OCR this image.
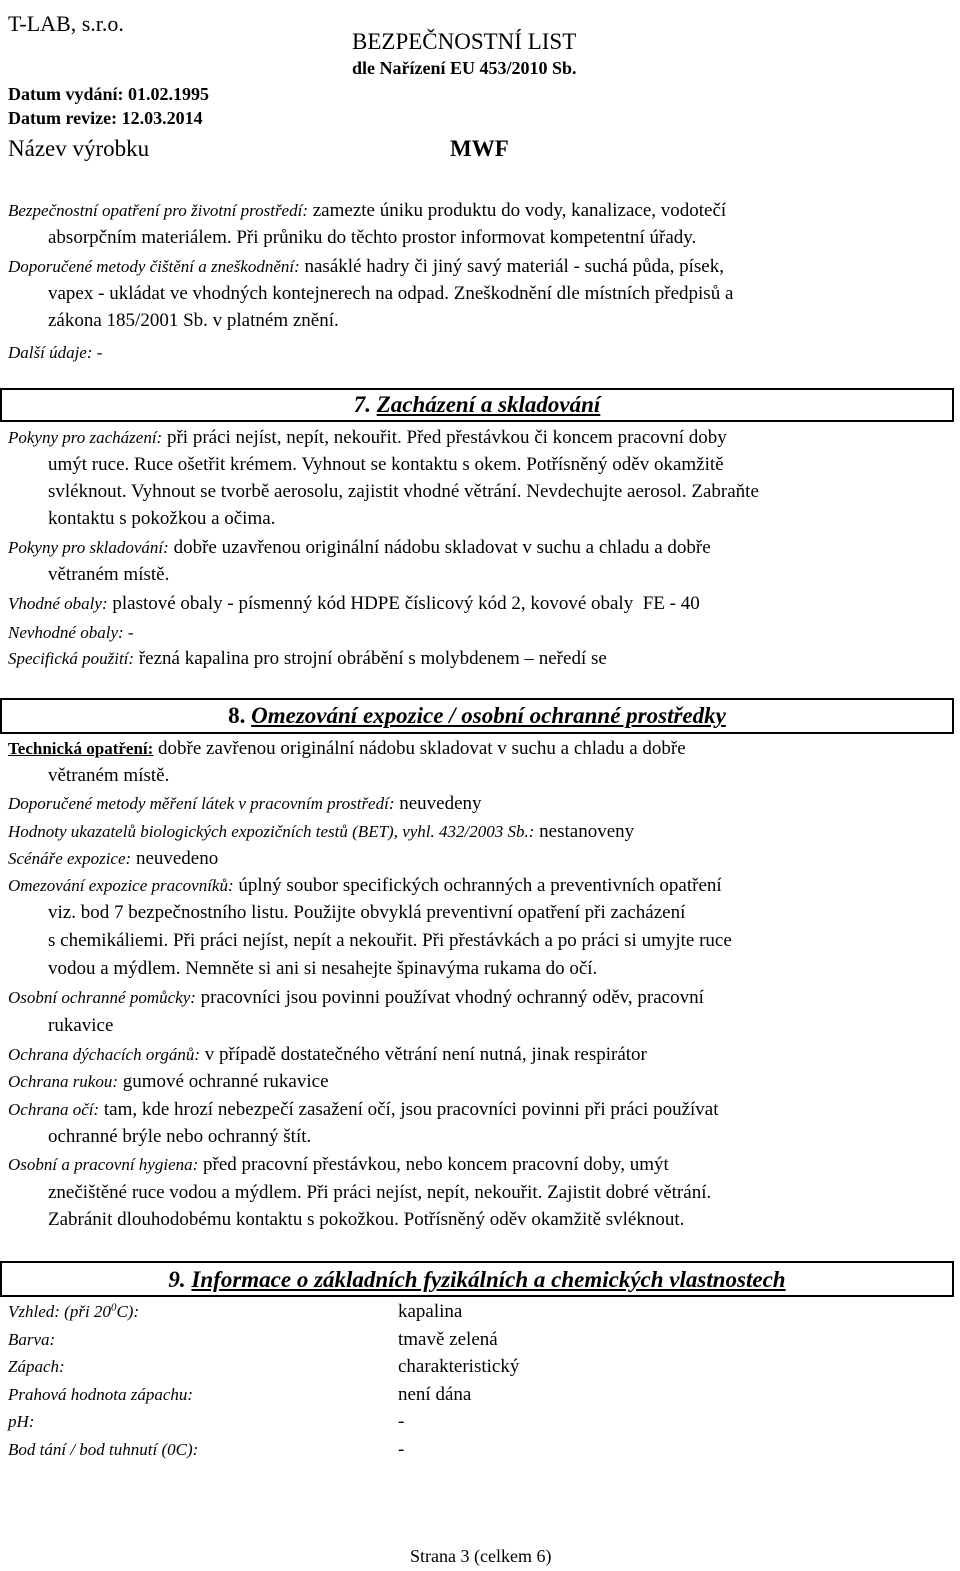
T-LAB, s.r.o.
BEZPEČNOSTNÍ LIST
dle Nařízení EU 453/2010 Sb.
Datum vydání: 01.02.1995
Datum revize: 12.03.2014
Název výrobku	MWF
Bezpečnostní opatření pro životní prostředí: zamezte úniku produktu do vody, kanalizace, vodotečí
absorpčním materiálem. Při průniku do těchto prostor informovat kompetentní úřady.
Doporučené metody čištění a zneškodnění: nasáklé hadry či jiný savý materiál - suchá půda, písek,
vapex - ukládat ve vhodných kontejnerech na odpad. Zneškodnění dle místních předpisů a
zákona 185/2001 Sb. v platném znění.
Další údaje: -
7. Zacházení a skladování
Pokyny pro zacházení: při práci nejíst, nepít, nekouřit. Před přestávkou či koncem pracovní doby
umýt ruce. Ruce ošetřit krémem. Vyhnout se kontaktu s okem. Potřísněný oděv okamžitě
svléknout. Vyhnout se tvorbě aerosolu, zajistit vhodné větrání. Nevdechujte aerosol. Zabraňte
kontaktu s pokožkou a očima.
Pokyny pro skladování: dobře uzavřenou originální nádobu skladovat v suchu a chladu a dobře
větraném místě.
Vhodné obaly: plastové obaly - písmenný kód HDPE číslicový kód 2, kovové obaly  FE - 40
Nevhodné obaly: -
Specifická použití: řezná kapalina pro strojní obrábění s molybdenem – neředí se
8. Omezování expozice / osobní ochranné prostředky
Technická opatření: dobře zavřenou originální nádobu skladovat v suchu a chladu a dobře
větraném místě.
Doporučené metody měření látek v pracovním prostředí: neuvedeny
Hodnoty ukazatelů biologických expozičních testů (BET), vyhl. 432/2003 Sb.: nestanoveny
Scénáře expozice: neuvedeno
Omezování expozice pracovníků: úplný soubor specifických ochranných a preventivních opatření
viz. bod 7 bezpečnostního listu. Použijte obvyklá preventivní opatření při zacházení
s chemikáliemi. Při práci nejíst, nepít a nekouřit. Při přestávkách a po práci si umyjte ruce
vodou a mýdlem. Nemněte si ani si nesahejte špinavýma rukama do očí.
Osobní ochranné pomůcky: pracovníci jsou povinni používat vhodný ochranný oděv, pracovní
rukavice
Ochrana dýchacích orgánů: v případě dostatečného větrání není nutná, jinak respirátor
Ochrana rukou: gumové ochranné rukavice
Ochrana očí: tam, kde hrozí nebezpečí zasažení očí, jsou pracovníci povinni při práci používat
ochranné brýle nebo ochranný štít.
Osobní a pracovní hygiena: před pracovní přestávkou, nebo koncem pracovní doby, umýt
znečištěné ruce vodou a mýdlem. Při práci nejíst, nepít, nekouřit. Zajistit dobré větrání.
Zabránit dlouhodobému kontaktu s pokožkou. Potřísněný oděv okamžitě svléknout.
9. Informace o základních fyzikálních a chemických vlastnostech
Vzhled: (při $20^0C$):	kapalina
Barva:	tmavě zelená
Zápach:	charakteristický
Prahová hodnota zápachu:	není dána
pH:	-
Bod tání / bod tuhnutí (0C):	-
Strana 3 (celkem 6)
